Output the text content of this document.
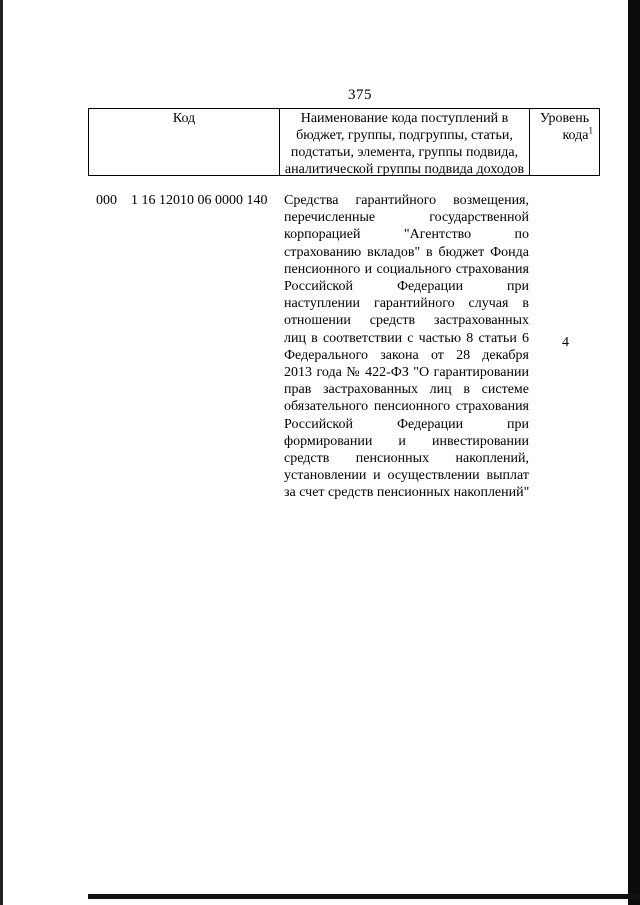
375
Код	Наименование кода поступлений в
бюджет, группы, подгруппы, статьи,
подстатьи, элемента, группы подвида,
аналитической группы подвида доходов
Уровень
кода$^1$
000 1 16 12010 06 0000 140 Средства гарантийного возмещения,
перечисленные государственной
корпорацией "Агентство по
страхованию вкладов" в бюджет Фонда
пенсионного и социального страхования
Российской Федерации при
наступлении гарантийного случая в
отношении средств застрахованных
лиц в соответствии с частью 8 статьи 6
Федерального закона от 28 декабря
2013 года № 422-ФЗ "О гарантировании
прав застрахованных лиц в системе
обязательного пенсионного страхования
Российской Федерации при
формировании и инвестировании
средств пенсионных накоплений,
установлении и осуществлении выплат
за счет средств пенсионных накоплений"
4
